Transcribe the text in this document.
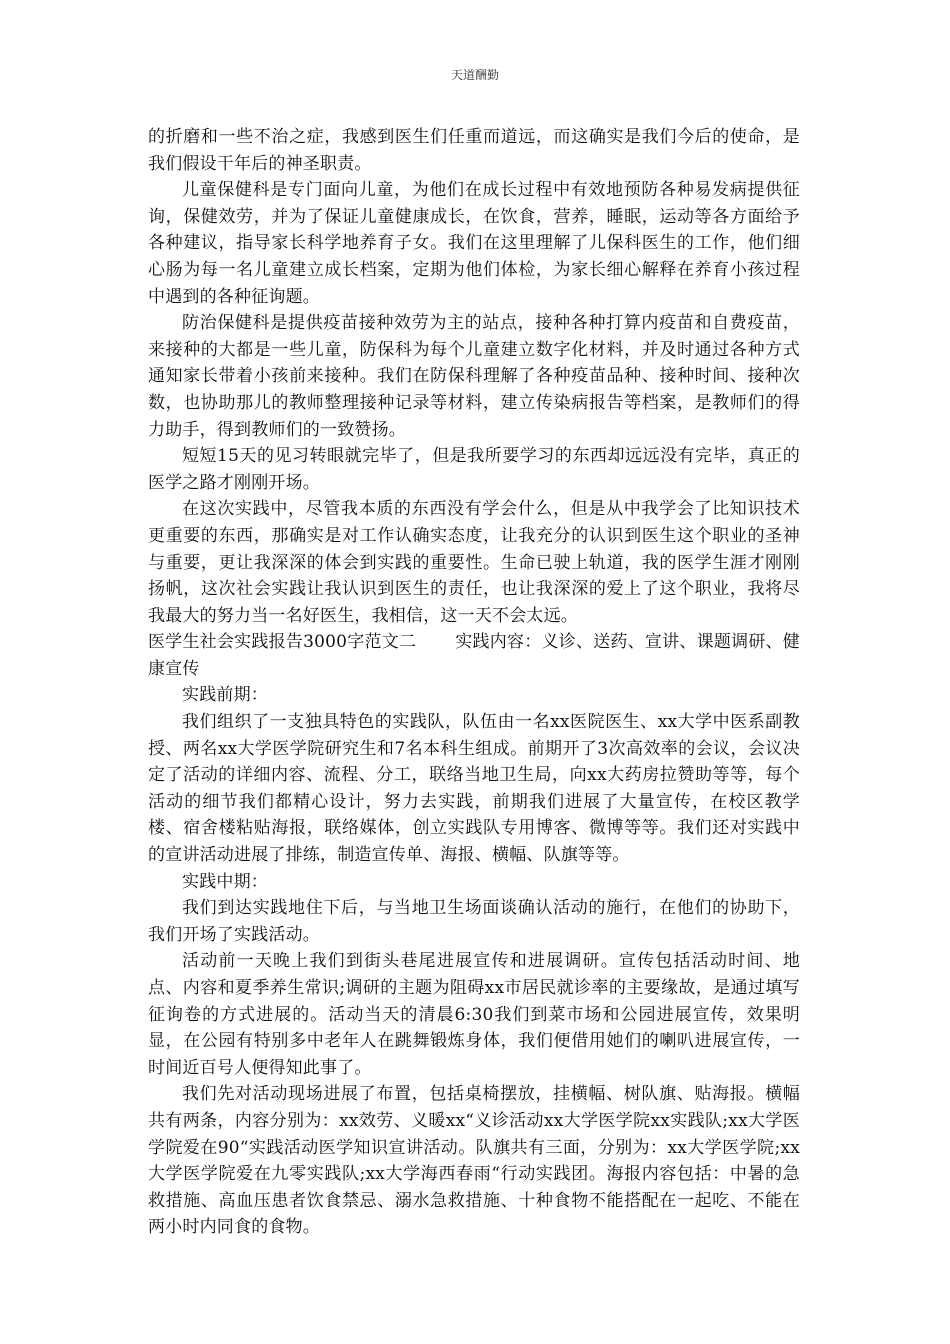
天道酬勤

的折磨和一些不治之症，我感到医生们任重而道远，而这确实是我们今后的使命，是我们假设干年后的神圣职责。

儿童保健科是专门面向儿童，为他们在成长过程中有效地预防各种易发病提供征询，保健效劳，并为了保证儿童健康成长，在饮食，营养，睡眠，运动等各方面给予各种建议，指导家长科学地养育子女。我们在这里理解了儿保科医生的工作，他们细心肠为每一名儿童建立成长档案，定期为他们体检，为家长细心解释在养育小孩过程中遇到的各种征询题。

防治保健科是提供疫苗接种效劳为主的站点，接种各种打算内疫苗和自费疫苗，来接种的大都是一些儿童，防保科为每个儿童建立数字化材料，并及时通过各种方式通知家长带着小孩前来接种。我们在防保科理解了各种疫苗品种、接种时间、接种次数，也协助那儿的教师整理接种记录等材料，建立传染病报告等档案，是教师们的得力助手，得到教师们的一致赞扬。

短短15天的见习转眼就完毕了，但是我所要学习的东西却远远没有完毕，真正的医学之路才刚刚开场。

在这次实践中，尽管我本质的东西没有学会什么，但是从中我学会了比知识技术更重要的东西，那确实是对工作认确实态度，让我充分的认识到医生这个职业的圣神与重要，更让我深深的体会到实践的重要性。生命已驶上轨道，我的医学生涯才刚刚扬帆，这次社会实践让我认识到医生的责任，也让我深深的爱上了这个职业，我将尽我最大的努力当一名好医生，我相信，这一天不会太远。

医学生社会实践报告3000字范文二 实践内容：义诊、送药、宣讲、课题调研、健康宣传

实践前期：

我们组织了一支独具特色的实践队，队伍由一名xx医院医生、xx大学中医系副教授、两名xx大学医学院研究生和7名本科生组成。前期开了3次高效率的会议，会议决定了活动的详细内容、流程、分工，联络当地卫生局，向xx大药房拉赞助等等，每个活动的细节我们都精心设计，努力去实践，前期我们进展了大量宣传，在校区教学楼、宿舍楼粘贴海报，联络媒体，创立实践队专用博客、微博等等。我们还对实践中的宣讲活动进展了排练，制造宣传单、海报、横幅、队旗等等。

实践中期：

我们到达实践地住下后，与当地卫生场面谈确认活动的施行，在他们的协助下，我们开场了实践活动。

活动前一天晚上我们到街头巷尾进展宣传和进展调研。宣传包括活动时间、地点、内容和夏季养生常识;调研的主题为阻碍xx市居民就诊率的主要缘故，是通过填写征询卷的方式进展的。活动当天的清晨6:30我们到菜市场和公园进展宣传，效果明显，在公园有特别多中老年人在跳舞锻炼身体，我们便借用她们的喇叭进展宣传，一时间近百号人便得知此事了。

我们先对活动现场进展了布置，包括桌椅摆放，挂横幅、树队旗、贴海报。横幅共有两条，内容分别为：xx效劳、义暖xx“义诊活动xx大学医学院xx实践队;xx大学医学院爱在90“实践活动医学知识宣讲活动。队旗共有三面，分别为：xx大学医学院;xx大学医学院爱在九零实践队;xx大学海西春雨“行动实践团。海报内容包括：中暑的急救措施、高血压患者饮食禁忌、溺水急救措施、十种食物不能搭配在一起吃、不能在两小时内同食的食物。
